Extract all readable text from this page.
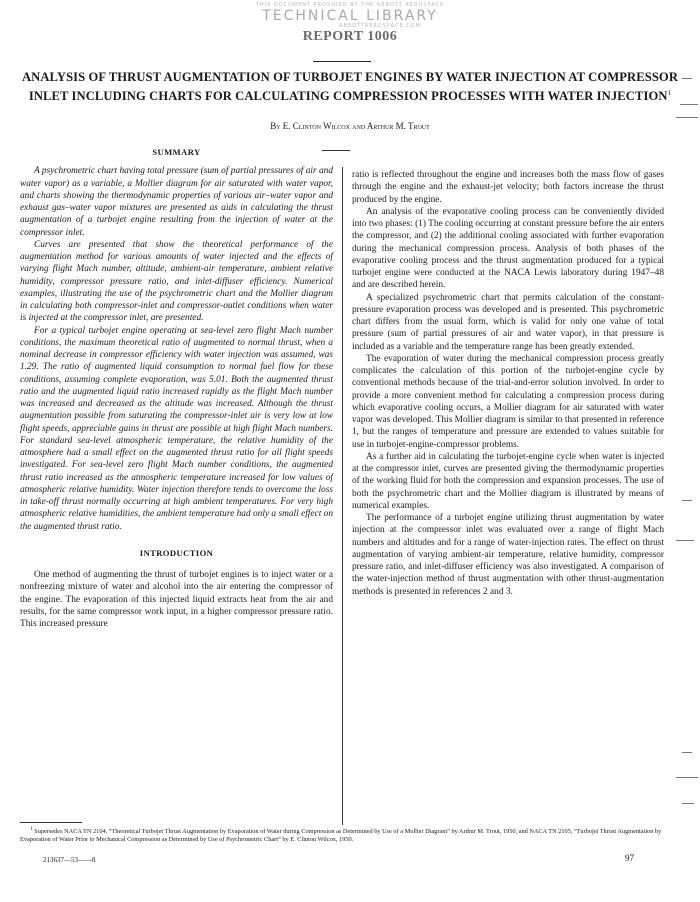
THIS DOCUMENT PROVIDED BY THE ABBOTT AEROSPACE
TECHNICAL LIBRARY
ABBOTTAEROSPACE.COM
REPORT 1006
ANALYSIS OF THRUST AUGMENTATION OF TURBOJET ENGINES BY WATER INJECTION AT COMPRESSOR INLET INCLUDING CHARTS FOR CALCULATING COMPRESSION PROCESSES WITH WATER INJECTION$^1$
By E. Clinton Wilcox and Arthur M. Trout
SUMMARY

A psychrometric chart having total pressure (sum of partial pressures of air and water vapor) as a variable, a Mollier diagram for air saturated with water vapor, and charts showing the thermodynamic properties of various air–water vapor and exhaust gas–water vapor mixtures are presented as aids in calculating the thrust augmentation of a turbojet engine resulting from the injection of water at the compressor inlet.

Curves are presented that show the theoretical performance of the augmentation method for various amounts of water injected and the effects of varying flight Mach number, altitude, ambient-air temperature, ambient relative humidity, compressor pressure ratio, and inlet-diffuser efficiency. Numerical examples, illustrating the use of the psychrometric chart and the Mollier diagram in calculating both compressor-inlet and compressor-outlet conditions when water is injected at the compressor inlet, are presented.

For a typical turbojet engine operating at sea-level zero flight Mach number conditions, the maximum theoretical ratio of augmented to normal thrust, when a nominal decrease in compressor efficiency with water injection was assumed, was 1.29. The ratio of augmented liquid consumption to normal fuel flow for these conditions, assuming complete evaporation, was 5.01. Both the augmented thrust ratio and the augmented liquid ratio increased rapidly as the flight Mach number was increased and decreased as the altitude was increased. Although the thrust augmentation possible from saturating the compressor-inlet air is very low at low flight speeds, appreciable gains in thrust are possible at high flight Mach numbers. For standard sea-level atmospheric temperature, the relative humidity of the atmosphere had a small effect on the augmented thrust ratio for all flight speeds investigated. For sea-level zero flight Mach number conditions, the augmented thrust ratio increased as the atmospheric temperature increased for low values of atmospheric relative humidity. Water injection therefore tends to overcome the loss in take-off thrust normally occurring at high ambient temperatures. For very high atmospheric relative humidities, the ambient temperature had only a small effect on the augmented thrust ratio.

INTRODUCTION

One method of augmenting the thrust of turbojet engines is to inject water or a nonfreezing mixture of water and alcohol into the air entering the compressor of the engine. The evaporation of this injected liquid extracts heat from the air and results, for the same compressor work input, in a higher compressor pressure ratio. This increased pressure

ratio is reflected throughout the engine and increases both the mass flow of gases through the engine and the exhaust-jet velocity; both factors increase the thrust produced by the engine.

An analysis of the evaporative cooling process can be conveniently divided into two phases: (1) The cooling occurring at constant pressure before the air enters the compressor, and (2) the additional cooling associated with further evaporation during the mechanical compression process. Analysis of both phases of the evaporative cooling process and the thrust augmentation produced for a typical turbojet engine were conducted at the NACA Lewis laboratory during 1947–48 and are described herein.

A specialized psychrometric chart that permits calculation of the constant-pressure evaporation process was developed and is presented. This psychrometric chart differs from the usual form, which is valid for only one value of total pressure (sum of partial pressures of air and water vapor), in that pressure is included as a variable and the temperature range has been greatly extended.

The evaporation of water during the mechanical compression process greatly complicates the calculation of this portion of the turbojet-engine cycle by conventional methods because of the trial-and-error solution involved. In order to provide a more convenient method for calculating a compression process during which evaporative cooling occurs, a Mollier diagram for air saturated with water vapor was developed. This Mollier diagram is similar to that presented in reference 1, but the ranges of temperature and pressure are extended to values suitable for use in turbojet-engine-compressor problems.

As a further aid in calculating the turbojet-engine cycle when water is injected at the compressor inlet, curves are presented giving the thermodynamic properties of the working fluid for both the compression and expansion processes. The use of both the psychrometric chart and the Mollier diagram is illustrated by means of numerical examples.

The performance of a turbojet engine utilizing thrust augmentation by water injection at the compressor inlet was evaluated over a range of flight Mach numbers and altitudes and for a range of water-injection rates. The effect on thrust augmentation of varying ambient-air temperature, relative humidity, compressor pressure ratio, and inlet-diffuser efficiency was also investigated. A comparison of the water-injection method of thrust augmentation with other thrust-augmentation methods is presented in references 2 and 3.

$^1$ Supersedes NACA TN 2104, “Theoretical Turbojet Thrust Augmentation by Evaporation of Water during Compression as Determined by Use of a Mollier Diagram” by Arthur M. Trout, 1950, and NACA TN 2105, “Turbojet Thrust Augmentation by Evaporation of Water Prior to Mechanical Compression as Determined by Use of Psychrometric Chart” by E. Clinton Wilcox, 1950.
213637—53——8	97
